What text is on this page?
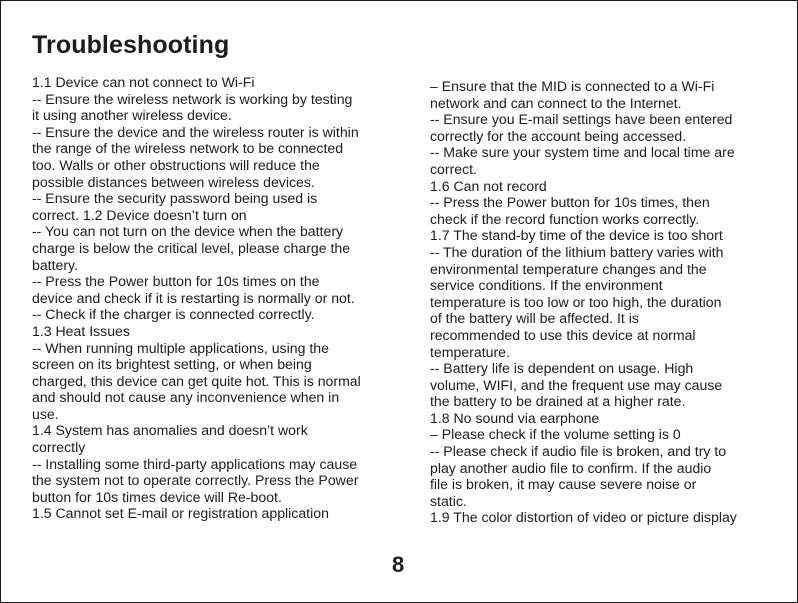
Troubleshooting
1.1 Device can not connect to Wi-Fi
-- Ensure the wireless network is working by testing
it using another wireless device.
-- Ensure the device and the wireless router is within
the range of the wireless network to be connected
too. Walls or other obstructions will reduce the
possible distances between wireless devices.
-- Ensure the security password being used is
correct. 1.2 Device doesn’t turn on
-- You can not turn on the device when the battery
charge is below the critical level, please charge the
battery.
-- Press the Power button for 10s times on the
device and check if it is restarting is normally or not.
-- Check if the charger is connected correctly.
1.3 Heat Issues
-- When running multiple applications, using the
screen on its brightest setting, or when being
charged, this device can get quite hot. This is normal
and should not cause any inconvenience when in
use.
1.4 System has anomalies and doesn’t work
correctly
-- Installing some third-party applications may cause
the system not to operate correctly. Press the Power
button for 10s times device will Re-boot.
1.5 Cannot set E-mail or registration application
– Ensure that the MID is connected to a Wi-Fi
network and can connect to the Internet.
-- Ensure you E-mail settings have been entered
correctly for the account being accessed.
-- Make sure your system time and local time are
correct.
1.6 Can not record
-- Press the Power button for 10s times, then
check if the record function works correctly.
1.7 The stand-by time of the device is too short
-- The duration of the lithium battery varies with
environmental temperature changes and the
service conditions. If the environment
temperature is too low or too high, the duration
of the battery will be affected. It is
recommended to use this device at normal
temperature.
-- Battery life is dependent on usage. High
volume, WIFI, and the frequent use may cause
the battery to be drained at a higher rate.
1.8 No sound via earphone
– Please check if the volume setting is 0
-- Please check if audio file is broken, and try to
play another audio file to confirm. If the audio
file is broken, it may cause severe noise or
static.
1.9 The color distortion of video or picture display
8
